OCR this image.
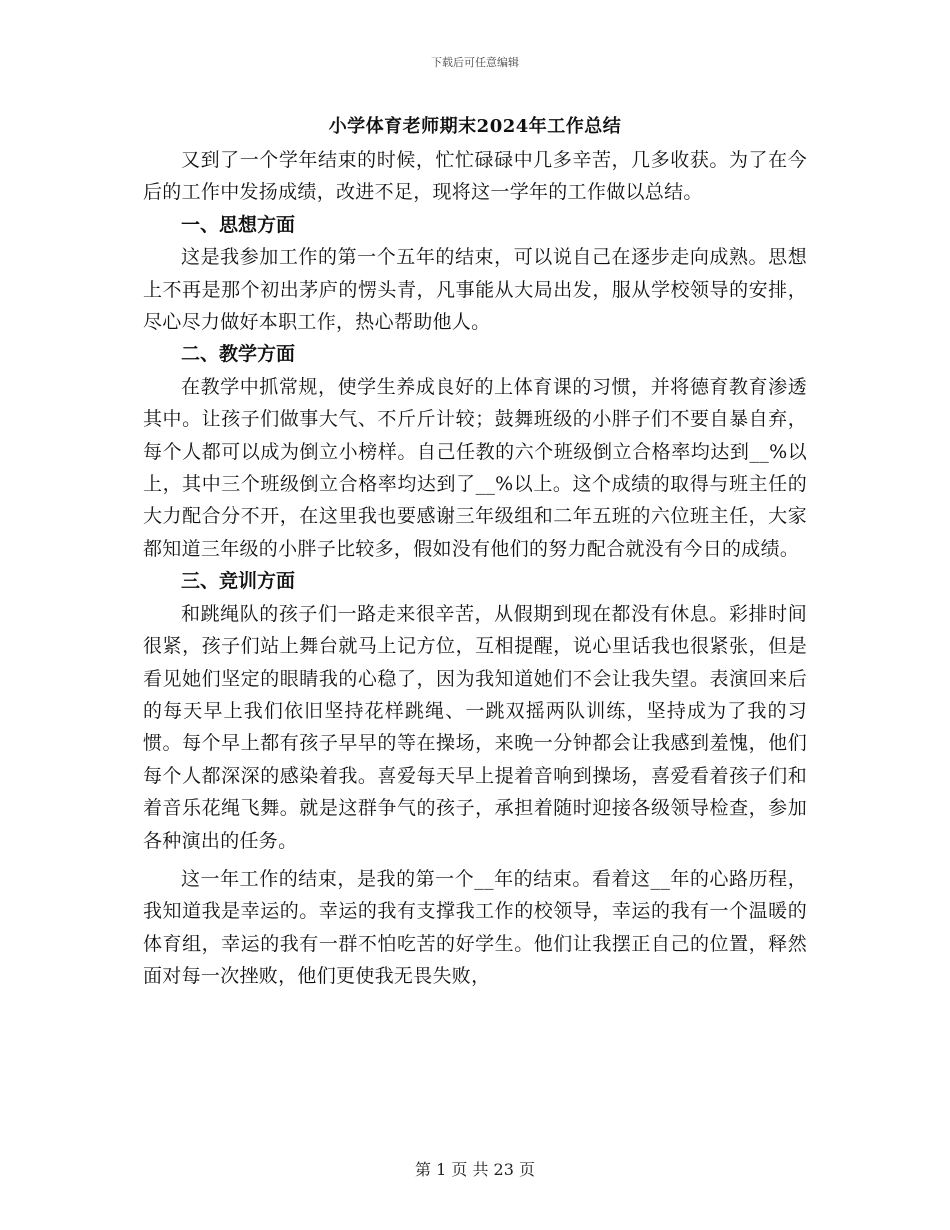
下载后可任意编辑
小学体育老师期末2024年工作总结

又到了一个学年结束的时候，忙忙碌碌中几多辛苦，几多收获。为了在今后的工作中发扬成绩，改进不足，现将这一学年的工作做以总结。

一、思想方面

这是我参加工作的第一个五年的结束，可以说自己在逐步走向成熟。思想上不再是那个初出茅庐的愣头青，凡事能从大局出发，服从学校领导的安排，尽心尽力做好本职工作，热心帮助他人。

二、教学方面

在教学中抓常规，使学生养成良好的上体育课的习惯，并将德育教育渗透其中。让孩子们做事大气、不斤斤计较；鼓舞班级的小胖子们不要自暴自弃，每个人都可以成为倒立小榜样。自己任教的六个班级倒立合格率均达到__%以上，其中三个班级倒立合格率均达到了__%以上。这个成绩的取得与班主任的大力配合分不开，在这里我也要感谢三年级组和二年五班的六位班主任，大家都知道三年级的小胖子比较多，假如没有他们的努力配合就没有今日的成绩。

三、竞训方面

和跳绳队的孩子们一路走来很辛苦，从假期到现在都没有休息。彩排时间很紧，孩子们站上舞台就马上记方位，互相提醒，说心里话我也很紧张，但是看见她们坚定的眼睛我的心稳了，因为我知道她们不会让我失望。表演回来后的每天早上我们依旧坚持花样跳绳、一跳双摇两队训练，坚持成为了我的习惯。每个早上都有孩子早早的等在操场，来晚一分钟都会让我感到羞愧，他们每个人都深深的感染着我。喜爱每天早上提着音响到操场，喜爱看着孩子们和着音乐花绳飞舞。就是这群争气的孩子，承担着随时迎接各级领导检查，参加各种演出的任务。

这一年工作的结束，是我的第一个__年的结束。看着这__年的心路历程，我知道我是幸运的。幸运的我有支撑我工作的校领导，幸运的我有一个温暖的体育组，幸运的我有一群不怕吃苦的好学生。他们让我摆正自己的位置，释然面对每一次挫败，他们更使我无畏失败，

第 1 页 共 23 页
